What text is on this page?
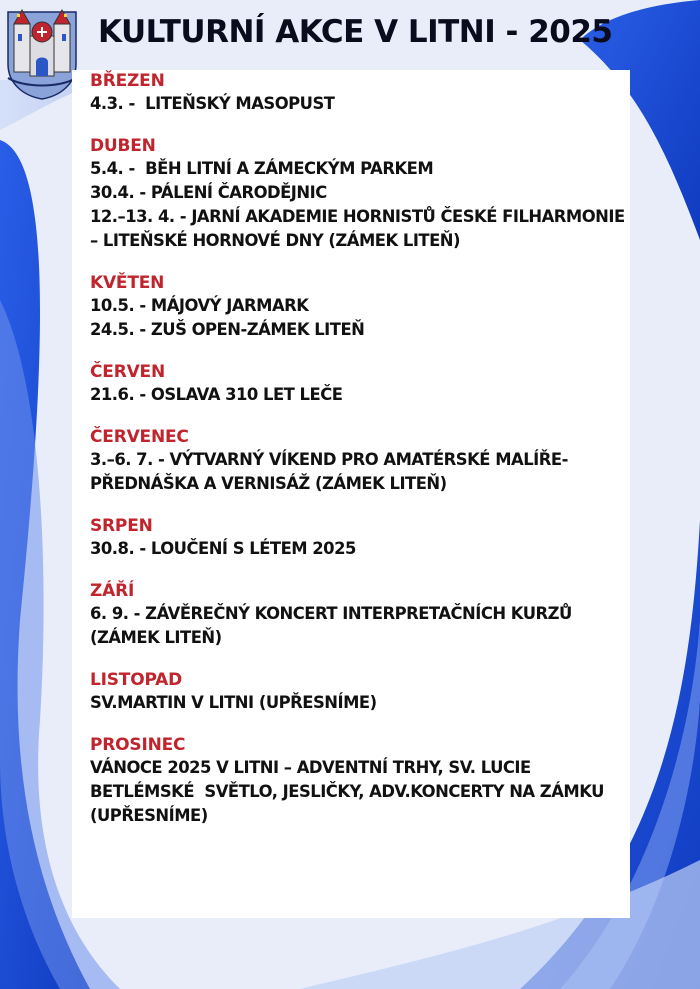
KULTURNÍ AKCE V LITNI - 2025
BŘEZEN
4.3. -  LITEŇSKÝ MASOPUST
DUBEN
5.4. -  BĚH LITNÍ A ZÁMECKÝM PARKEM
30.4. - PÁLENÍ ČARODĚJNIC
12.–13. 4. - JARNÍ AKADEMIE HORNISTŮ ČESKÉ FILHARMONIE – LITEŇSKÉ HORNOVÉ DNY (ZÁMEK LITEŇ)
KVĚTEN
10.5. - MÁJOVÝ JARMARK
24.5. - ZUŠ OPEN-ZÁMEK LITEŇ
ČERVEN
21.6. - OSLAVA 310 LET LEČE
ČERVENEC
3.–6. 7. - VÝTVARNÝ VÍKEND PRO AMATÉRSKÉ MALÍŘE- PŘEDNÁŠKA A VERNISÁŽ (ZÁMEK LITEŇ)
SRPEN
30.8. - LOUČENÍ S LÉTEM 2025
ZÁŘÍ
6. 9. - ZÁVĚREČNÝ KONCERT INTERPRETAČNÍCH KURZŮ (ZÁMEK LITEŇ)
LISTOPAD
SV.MARTIN V LITNI (UPŘESNÍME)
PROSINEC
VÁNOCE 2025 V LITNI – ADVENTNÍ TRHY, SV. LUCIE BETLÉMSKÉ  SVĚTLO, JESLIČKY, ADV.KONCERTY NA ZÁMKU (UPŘESNÍME)
